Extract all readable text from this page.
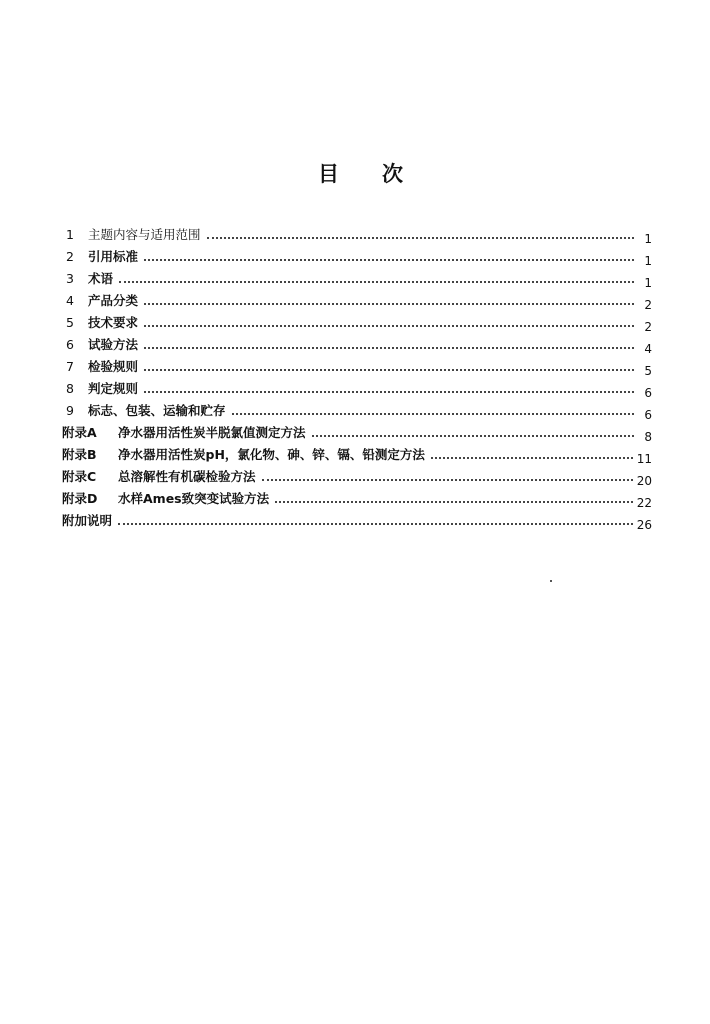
目 次
1	主题内容与适用范围	1
2	引用标准	1
3	术语	1
4	产品分类	2
5	技术要求	2
6	试验方法	4
7	检验规则	5
8	判定规则	6
9	标志、包装、运输和贮存	6
附录A	净水器用活性炭半脱氯值测定方法	8
附录B	净水器用活性炭pH，氯化物、砷、锌、镉、铅测定方法	11
附录C	总溶解性有机碳检验方法	20
附录D	水样Ames致突变试验方法	22
附加说明	26
